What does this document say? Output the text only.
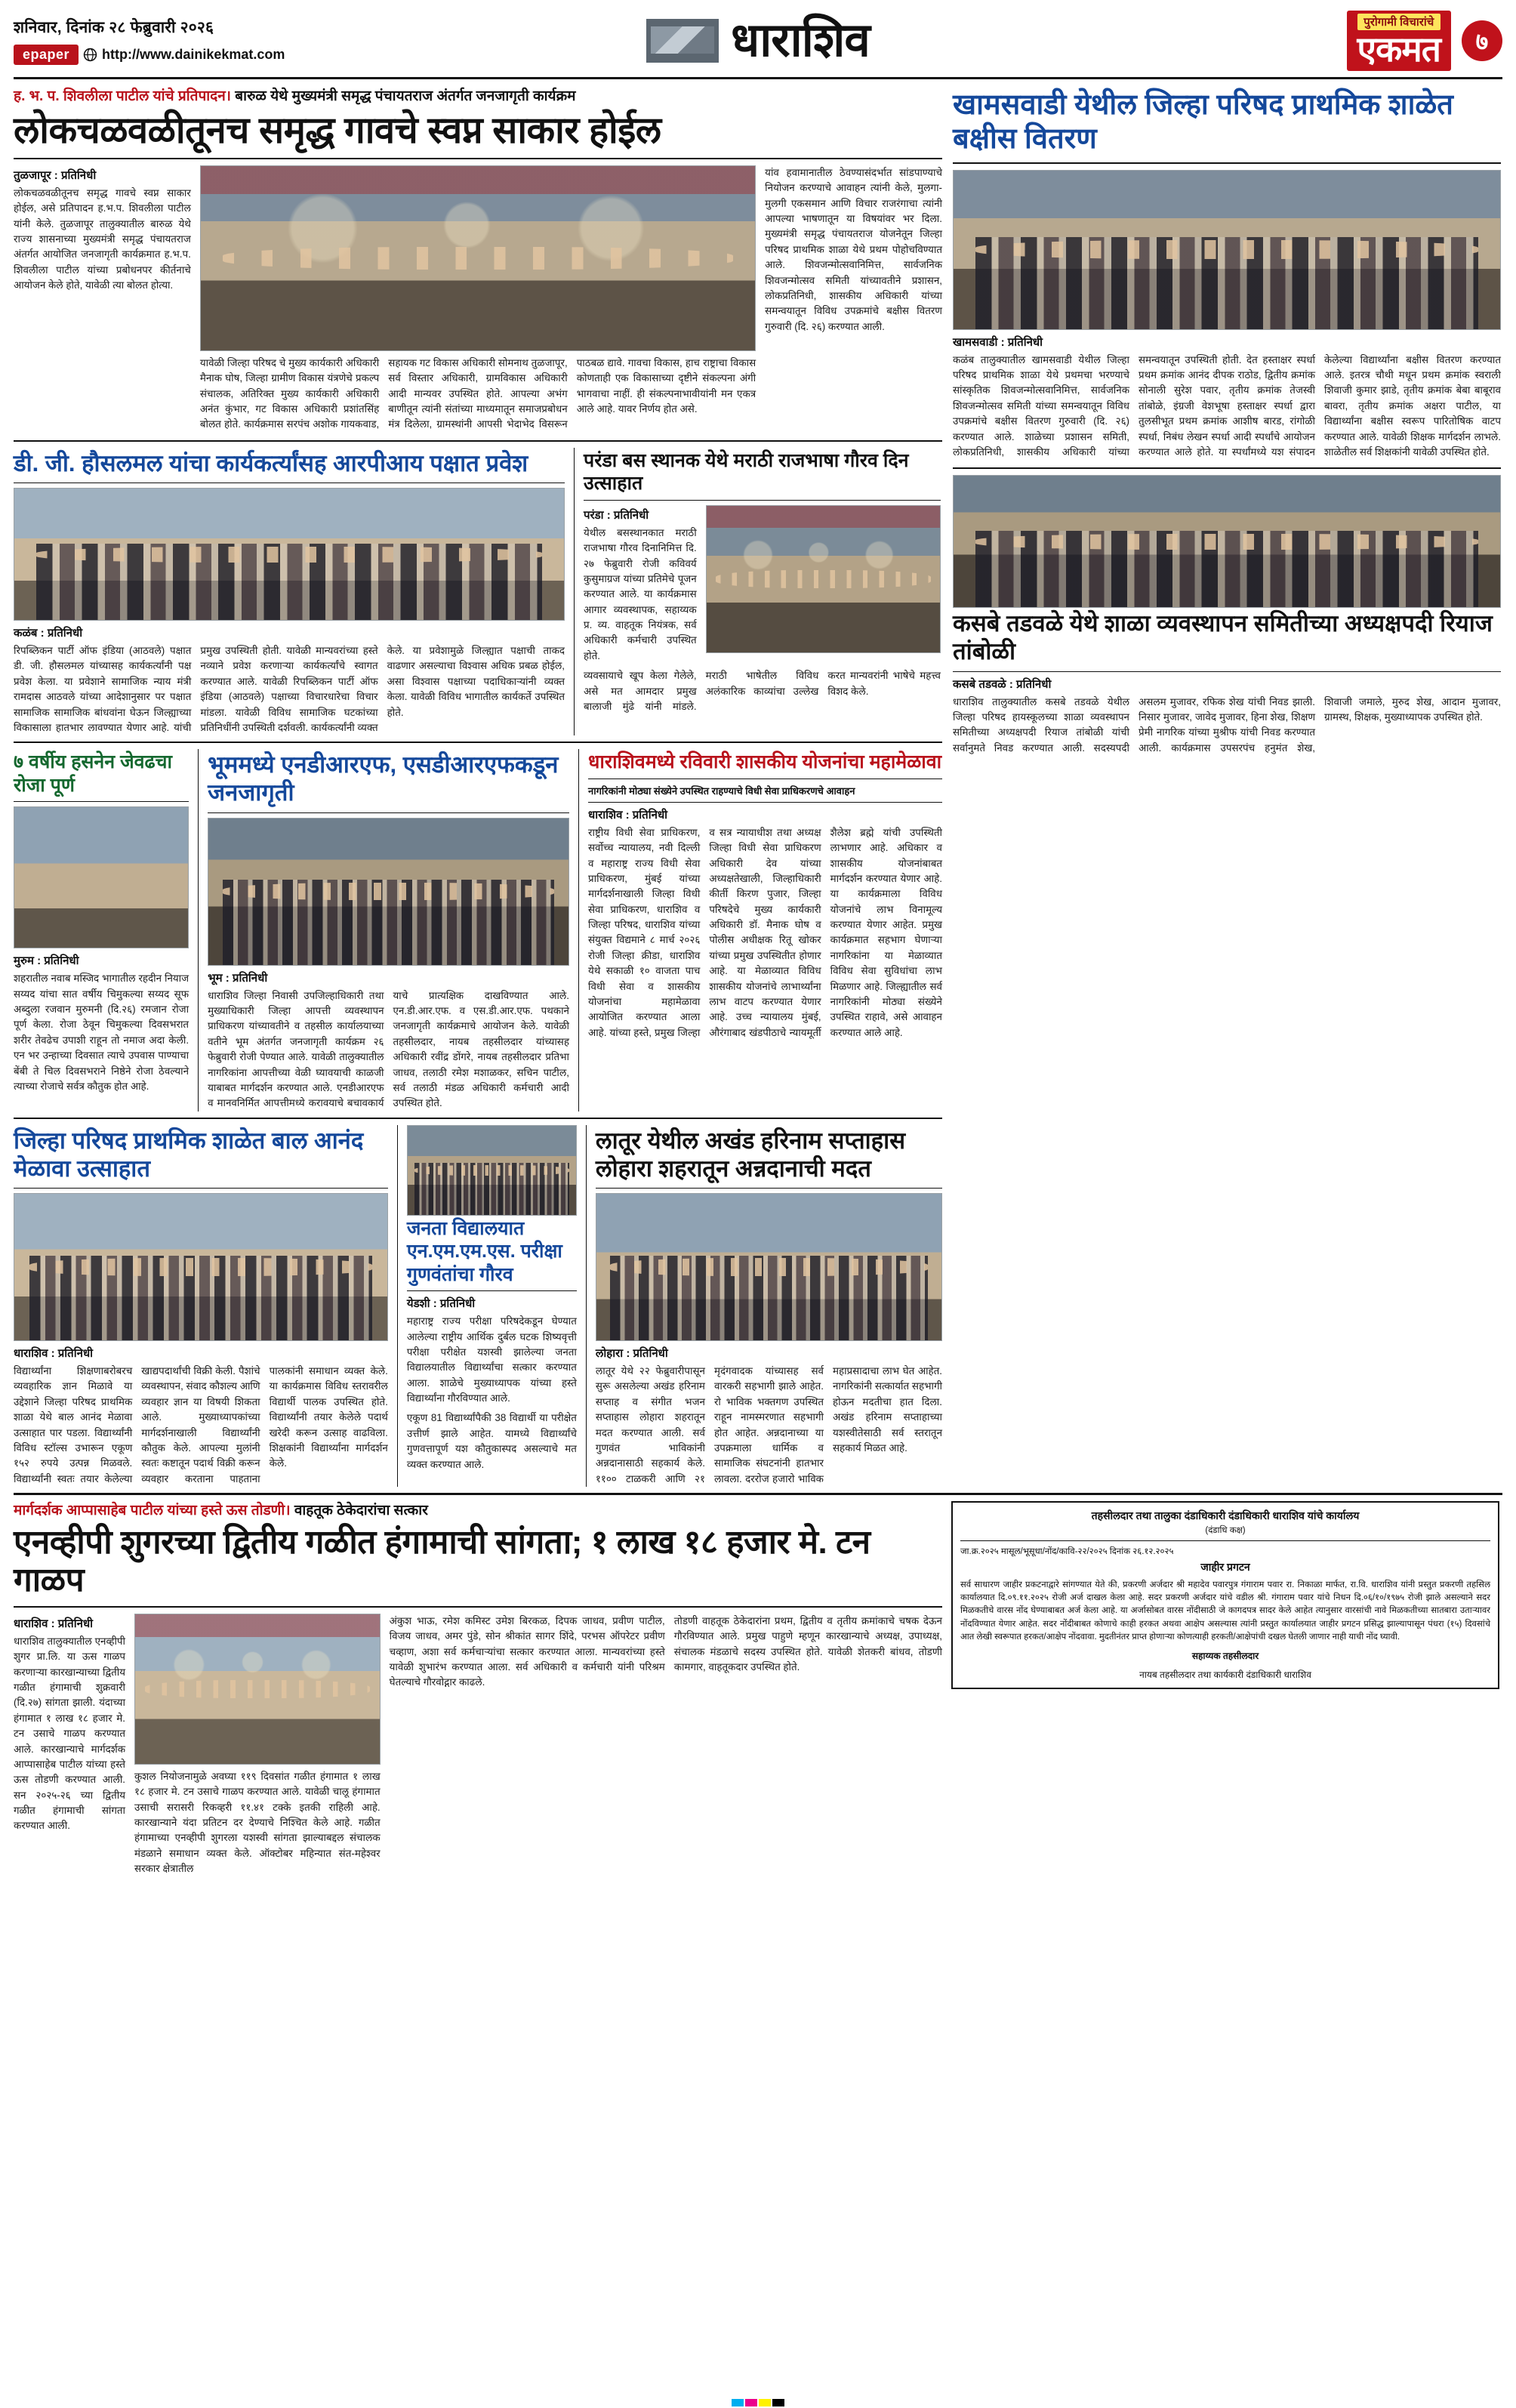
शनिवार, दिनांक २८ फेब्रुवारी २०२६
epaper	http://www.dainikekmat.com	धाराशिव	पुरोगामी विचारांचे
एकमत	७
ह. भ. प. शिवलीला पाटील यांचे प्रतिपादन। बारुळ येथे मुख्यमंत्री समृद्ध पंचायतराज अंतर्गत जनजागृती कार्यक्रम
लोकचळवळीतूनच समृद्ध गावचे स्वप्न साकार होईल
तुळजापूर : प्रतिनिधी
लोकचळवळीतूनच समृद्ध गावचे स्वप्न साकार होईल, असे प्रतिपादन ह.भ.प. शिवलीला पाटील यांनी केले. तुळजापूर तालुक्यातील बारुळ येथे राज्य शासनाच्या मुख्यमंत्री समृद्ध पंचायतराज अंतर्गत आयोजित जनजागृती कार्यक्रमात ह.भ.प. शिवलीला पाटील यांच्या प्रबोधनपर कीर्तनाचे आयोजन केले होते, यावेळी त्या बोलत होत्या.
यावेळी जिल्हा परिषद चे मुख्य कार्यकारी अधिकारी मैनाक घोष, जिल्हा ग्रामीण विकास यंत्रणेचे प्रकल्प संचालक, अतिरिक्त मुख्य कार्यकारी अधिकारी अनंत कुंभार, गट विकास अधिकारी प्रशांतसिंह बोलत होते. कार्यक्रमास सरपंच अशोक गायकवाड, सहायक गट विकास अधिकारी सोमनाथ तुळजापूर, सर्व विस्तार अधिकारी, ग्रामविकास अधिकारी आदी मान्यवर उपस्थित होते. आपल्या अभंग बाणीतून त्यांनी संतांच्या माध्यमातून समाजप्रबोधन मंत्र दिलेला, ग्रामस्थांनी आपसी भेदाभेद विसरून पाठबळ द्यावे. गावचा विकास, हाच राष्ट्राचा विकास कोणताही एक विकासाच्या दृष्टीने संकल्पना अंगी भागवाचा नाहीं. ही संकल्पनाभावीयांनी मन एकत्र आले आहे. यावर निर्णय होत असे.
यांव हवामानातील ठेवण्यासंदर्भात सांडपाण्याचे नियोजन करण्याचे आवाहन त्यांनी केले, मुलगा-मुलगी एकसमान आणि विचार राजरंगाचा त्यांनी आपल्या भाषणातून या विषयांवर भर दिला. मुख्यमंत्री समृद्ध पंचायतराज योजनेतून जिल्हा परिषद प्राथमिक शाळा येथे प्रथम पोहोचविण्यात आले. शिवजन्मोत्सवानिमित्त, सार्वजनिक शिवजन्मोत्सव समिती यांच्यावतीने प्रशासन, लोकप्रतिनिधी, शासकीय अधिकारी यांच्या समन्वयातून विविध उपक्रमांचे बक्षीस वितरण गुरुवारी (दि. २६) करण्यात आली.
डी. जी. हौसलमल यांचा कार्यकर्त्यांसह आरपीआय पक्षात प्रवेश
कळंब : प्रतिनिधी
रिपब्लिकन पार्टी ऑफ इंडिया (आठवले) पक्षात डी. जी. हौसलमल यांच्यासह कार्यकर्त्यांनी पक्ष प्रवेश केला. या प्रवेशाने सामाजिक न्याय मंत्री रामदास आठवले यांच्या आदेशानुसार पर पक्षात सामाजिक सामाजिक बांधवांना घेऊन जिल्ह्याच्या विकासाला हातभार लावण्यात येणार आहे. यांची प्रमुख उपस्थिती होती. यावेळी मान्यवरांच्या हस्ते नव्याने प्रवेश करणाऱ्या कार्यकर्त्यांचे स्वागत करण्यात आले. यावेळी रिपब्लिकन पार्टी ऑफ इंडिया (आठवले) पक्षाच्या विचारधारेचा विचार मांडला. यावेळी विविध सामाजिक घटकांच्या प्रतिनिधींनी उपस्थिती दर्शवली. कार्यकर्त्यांनी व्यक्त केले. या प्रवेशामुळे जिल्ह्यात पक्षाची ताकद वाढणार असल्याचा विश्वास अधिक प्रबळ होईल, असा विश्वास पक्षाच्या पदाधिकाऱ्यांनी व्यक्त केला. यावेळी विविध भागातील कार्यकर्ते उपस्थित होते.
परंडा बस स्थानक येथे मराठी राजभाषा गौरव दिन उत्साहात
परंडा : प्रतिनिधी
येथील बसस्थानकात मराठी राजभाषा गौरव दिनानिमित्त दि. २७ फेब्रुवारी रोजी कविवर्य कुसुमाग्रज यांच्या प्रतिमेचे पूजन करण्यात आले. या कार्यक्रमास आगार व्यवस्थापक, सहाय्यक प्र. व्य. वाहतूक नियंत्रक, सर्व अधिकारी कर्मचारी उपस्थित होते.
व्यवसायाचे खूप केला गेलेले, असे मत आमदार प्रमुख बालाजी मुंढे यांनी मांडले. मराठी भाषेतील विविध अलंकारिक काव्यांचा उल्लेख करत मान्यवरांनी भाषेचे महत्त्व विशद केले.
७ वर्षीय हसनेन जेवढचा रोजा पूर्ण
मुरुम : प्रतिनिधी
शहरातील नवाब मस्जिद भागातील रहदीन नियाज सय्यद यांचा सात वर्षीय चिमुकल्या सय्यद सूफ अब्दुला रजवान मुरुमनी (दि.२६) रमजान रोजा पूर्ण केला. रोजा ठेवून चिमुकल्या दिवसभरात शरीर तेवढेच उपाशी राहून तो नमाज अदा केली. एन भर उन्हाच्या दिवसात त्याचे उपवास पाण्याचा बेंबी ते चिल दिवसभराने निष्ठेने रोजा ठेवल्याने त्याच्या रोजाचे सर्वत्र कौतुक होत आहे.
भूममध्ये एनडीआरएफ, एसडीआरएफकडून जनजागृती
भूम : प्रतिनिधी
धाराशिव जिल्हा निवासी उपजिल्हाधिकारी तथा मुख्याधिकारी जिल्हा आपत्ती व्यवस्थापन प्राधिकरण यांच्यावतीने व तहसील कार्यालयाच्या वतीने भूम अंतर्गत जनजागृती कार्यक्रम २६ फेब्रुवारी रोजी पेण्यात आले. यावेळी तालुक्यातील नागरिकांना आपत्तीच्या वेळी घ्यावयाची काळजी याबाबत मार्गदर्शन करण्यात आले. एनडीआरएफ व मानवनिर्मित आपत्तीमध्ये करावयाचे बचावकार्य याचे प्रात्यक्षिक दाखविण्यात आले. एन.डी.आर.एफ. व एस.डी.आर.एफ. पथकाने जनजागृती कार्यक्रमाचे आयोजन केले. यावेळी तहसीलदार, नायब तहसीलदार यांच्यासह अधिकारी रवींद्र डोंगरे, नायब तहसीलदार प्रतिभा जाधव, तलाठी रमेश मशाळकर, सचिन पाटील, सर्व तलाठी मंडळ अधिकारी कर्मचारी आदी उपस्थित होते.
धाराशिवमध्ये रविवारी शासकीय योजनांचा महामेळावा
नागरिकांनी मोठ्या संख्येने उपस्थित राहण्याचे विधी सेवा प्राधिकरणचे आवाहन
धाराशिव : प्रतिनिधी
राष्ट्रीय विधी सेवा प्राधिकरण, सर्वोच्च न्यायालय, नवी दिल्ली व महाराष्ट्र राज्य विधी सेवा प्राधिकरण, मुंबई यांच्या मार्गदर्शनाखाली जिल्हा विधी सेवा प्राधिकरण, धाराशिव व जिल्हा परिषद, धाराशिव यांच्या संयुक्त विद्यमाने ८ मार्च २०२६ रोजी जिल्हा क्रीडा, धाराशिव येथे सकाळी १० वाजता पाच विधी सेवा व शासकीय योजनांचा महामेळावा आयोजित करण्यात आला आहे. यांच्या हस्ते, प्रमुख जिल्हा व सत्र न्यायाधीश तथा अध्यक्ष जिल्हा विधी सेवा प्राधिकरण अधिकारी देव यांच्या अध्यक्षतेखाली, जिल्हाधिकारी कीर्ती किरण पुजार, जिल्हा परिषदेचे मुख्य कार्यकारी अधिकारी डॉ. मैनाक घोष व पोलीस अधीक्षक रितू खोकर यांच्या प्रमुख उपस्थितीत होणार आहे. या मेळाव्यात विविध शासकीय योजनांचे लाभार्थ्यांना लाभ वाटप करण्यात येणार आहे. उच्च न्यायालय मुंबई, औरंगाबाद खंडपीठाचे न्यायमूर्ती शैलेश ब्रह्मे यांची उपस्थिती लाभणार आहे. अधिकार व शासकीय योजनांबाबत मार्गदर्शन करण्यात येणार आहे. या कार्यक्रमाला विविध योजनांचे लाभ विनामूल्य करण्यात येणार आहेत. प्रमुख कार्यक्रमात सहभाग घेणाऱ्या नागरिकांना या मेळाव्यात विविध सेवा सुविधांचा लाभ मिळणार आहे. जिल्ह्यातील सर्व नागरिकांनी मोठ्या संख्येने उपस्थित राहावे, असे आवाहन करण्यात आले आहे.
जिल्हा परिषद प्राथमिक शाळेत बाल आनंद मेळावा उत्साहात
धाराशिव : प्रतिनिधी
विद्यार्थ्यांना शिक्षणाबरोबरच व्यवहारिक ज्ञान मिळावे या उद्देशाने जिल्हा परिषद प्राथमिक शाळा येथे बाल आनंद मेळावा उत्साहात पार पडला. विद्यार्थ्यांनी विविध स्टॉल्स उभारून एकूण १५२ रुपये उत्पन्न मिळवले. विद्यार्थ्यांनी स्वतः तयार केलेल्या खाद्यपदार्थांची विक्री केली. पैशांचे व्यवस्थापन, संवाद कौशल्य आणि व्यवहार ज्ञान या विषयी शिकता आले. मुख्याध्यापकांच्या मार्गदर्शनाखाली विद्यार्थ्यांनी कौतुक केले. आपल्या मुलांनी स्वतः कष्टातून पदार्थ विक्री करून व्यवहार करताना पाहताना पालकांनी समाधान व्यक्त केले. या कार्यक्रमास विविध स्तरावरील विद्यार्थी पालक उपस्थित होते. विद्यार्थ्यांनी तयार केलेले पदार्थ खरेदी करून उत्साह वाढविला. शिक्षकांनी विद्यार्थ्यांना मार्गदर्शन केले.
जनता विद्यालयात एन.एम.एम.एस. परीक्षा गुणवंतांचा गौरव
येडशी : प्रतिनिधी
महाराष्ट्र राज्य परीक्षा परिषदेकडून घेण्यात आलेल्या राष्ट्रीय आर्थिक दुर्बल घटक शिष्यवृत्ती परीक्षा परीक्षेत यशस्वी झालेल्या जनता विद्यालयातील विद्यार्थ्यांचा सत्कार करण्यात आला. शाळेचे मुख्याध्यापक यांच्या हस्ते विद्यार्थ्यांना गौरविण्यात आले.
एकूण 81 विद्यार्थ्यांपैकी 38 विद्यार्थी या परीक्षेत उत्तीर्ण झाले आहेत. यामध्ये विद्यार्थ्यांचे गुणवत्तापूर्ण यश कौतुकास्पद असल्याचे मत व्यक्त करण्यात आले.
लातूर येथील अखंड हरिनाम सप्ताहास लोहारा शहरातून अन्नदानाची मदत
लोहारा : प्रतिनिधी
लातूर येथे २२ फेब्रुवारीपासून सुरू असलेल्या अखंड हरिनाम सप्ताह व संगीत भजन सप्ताहास लोहारा शहरातून मदत करण्यात आली. सर्व गुणवंत भाविकांनी अन्नदानासाठी सहकार्य केले. ११०० टाळकरी आणि २१ मृदंगवादक यांच्यासह सर्व वारकरी सहभागी झाले आहेत. रो भाविक भक्तगण उपस्थित राहून नामस्मरणात सहभागी होत आहेत. अन्नदानाच्या या उपक्रमाला धार्मिक व सामाजिक संघटनांनी हातभार लावला. दररोज हजारो भाविक महाप्रसादाचा लाभ घेत आहेत. नागरिकांनी सत्कार्यात सहभागी होऊन मदतीचा हात दिला. अखंड हरिनाम सप्ताहाच्या यशस्वीतेसाठी सर्व स्तरातून सहकार्य मिळत आहे.
खामसवाडी येथील जिल्हा परिषद प्राथमिक शाळेत बक्षीस वितरण
खामसवाडी : प्रतिनिधी
कळंब तालुक्यातील खामसवाडी येथील जिल्हा परिषद प्राथमिक शाळा येथे प्रथमचा भरण्याचे सांस्कृतिक शिवजन्मोत्सवानिमित्त, सार्वजनिक शिवजन्मोत्सव समिती यांच्या समन्वयातून विविध उपक्रमांचे बक्षीस वितरण गुरुवारी (दि. २६) करण्यात आले. शाळेच्या प्रशासन समिती, लोकप्रतिनिधी, शासकीय अधिकारी यांच्या समन्वयातून उपस्थिती होती. देत हस्ताक्षर स्पर्धा प्रथम क्रमांक आनंद दीपक राठोड, द्वितीय क्रमांक सोनाली सुरेश पवार, तृतीय क्रमांक तेजस्वी तांबोळे, इंग्रजी वेशभूषा हस्ताक्षर स्पर्धा द्वारा तुलसीभूत प्रथम क्रमांक आशीष बारड, रांगोळी स्पर्धा, निबंध लेखन स्पर्धा आदी स्पर्धांचे आयोजन करण्यात आले होते. या स्पर्धांमध्ये यश संपादन केलेल्या विद्यार्थ्यांना बक्षीस वितरण करण्यात आले. इतरत्र चौथी मधून प्रथम क्रमांक स्वराली शिवाजी कुमार झाडे, तृतीय क्रमांक बेबा बाबूराव बावरा, तृतीय क्रमांक अक्षरा पाटील, या विद्यार्थ्यांना बक्षीस स्वरूप पारितोषिक वाटप करण्यात आले. यावेळी शिक्षक मार्गदर्शन लाभले. शाळेतील सर्व शिक्षकांनी यावेळी उपस्थित होते.
कसबे तडवळे येथे शाळा व्यवस्थापन समितीच्या अध्यक्षपदी रियाज तांबोळी
कसबे तडवळे : प्रतिनिधी
धाराशिव तालुक्यातील कसबे तडवळे येथील जिल्हा परिषद हायस्कूलच्या शाळा व्यवस्थापन समितीच्या अध्यक्षपदी रियाज तांबोळी यांची सर्वानुमते निवड करण्यात आली. सदस्यपदी असलम मुजावर, रफिक शेख यांची निवड झाली. निसार मुजावर, जावेद मुजावर, हिना शेख, शिक्षण प्रेमी नागरिक यांच्या मुश्रीफ यांची निवड करण्यात आली. कार्यक्रमास उपसरपंच हनुमंत शेख, शिवाजी जमाले, मुरुद शेख, आदान मुजावर, ग्रामस्थ, शिक्षक, मुख्याध्यापक उपस्थित होते.
मार्गदर्शक आप्पासाहेब पाटील यांच्या हस्ते ऊस तोडणी। वाहतूक ठेकेदारांचा सत्कार
एनव्हीपी शुगरच्या द्वितीय गळीत हंगामाची सांगता; १ लाख १८ हजार मे. टन गाळप
धाराशिव : प्रतिनिधी
धाराशिव तालुक्यातील एनव्हीपी शुगर प्रा.लि. या ऊस गाळप करणाऱ्या कारखान्याच्या द्वितीय गळीत हंगामाची शुक्रवारी (दि.२७) सांगता झाली. यंदाच्या हंगामात १ लाख १८ हजार मे. टन उसाचे गाळप करण्यात आले. कारखान्याचे मार्गदर्शक आप्पासाहेब पाटील यांच्या हस्ते ऊस तोडणी करण्यात आली. सन २०२५-२६ च्या द्वितीय गळीत हंगामाची सांगता करण्यात आली.
कुशल नियोजनामुळे अवघ्या ११९ दिवसांत गळीत हंगामात १ लाख १८ हजार मे. टन उसाचे गाळप करण्यात आले. यावेळी चालू हंगामात उसाची सरासरी रिकव्हरी ११.४१ टक्के इतकी राहिली आहे. कारखान्याने यंदा प्रतिटन दर देण्याचे निश्चित केले आहे. गळीत हंगामाच्या एनव्हीपी शुगरला यशस्वी सांगता झाल्याबद्दल संचालक मंडळाने समाधान व्यक्त केले. ऑक्टोबर महिन्यात संत-महेश्वर सरकार क्षेत्रातील
अंकुश भाऊ, रमेश कमिस्ट उमेश बिरकळ, दिपक जाधव, प्रवीण पाटील, विजय जाधव, अमर पुंडे, सोन श्रीकांत सागर शिंदे, परभस ऑपरेटर प्रवीण चव्हाण, अशा सर्व कर्मचाऱ्यांचा सत्कार करण्यात आला. मान्यवरांच्या हस्ते यावेळी शुभारंभ करण्यात आला. सर्व अधिकारी व कर्मचारी यांनी परिश्रम घेतल्याचे गौरवोद्गार काढले.
तोडणी वाहतूक ठेकेदारांना प्रथम, द्वितीय व तृतीय क्रमांकाचे चषक देऊन गौरविण्यात आले. प्रमुख पाहुणे म्हणून कारखान्याचे अध्यक्ष, उपाध्यक्ष, संचालक मंडळाचे सदस्य उपस्थित होते. यावेळी शेतकरी बांधव, तोडणी कामगार, वाहतूकदार उपस्थित होते.
तहसीलदार तथा तालुका दंडाधिकारी दंडाधिकारी धाराशिव यांचे कार्यालय
(दंडाधि कक्ष)
जा.क्र.२०२५ मासूल/भूसूधा/नोंद/कावि-२२/२०२५ दिनांक २६.१२.२०२५
जाहीर प्रगटन
सर्व साधारण जाहीर प्रकटनाद्वारे सांगण्यात येते की, प्रकरणी अर्जदार श्री महादेव पवारपुत्र गंगाराम पवार रा. निकाळा मार्फत, रा.वि. धाराशिव यांनी प्रस्तुत प्रकरणी तहसिल कार्यालयात दि.०९.११.२०२५ रोजी अर्ज दाखल केला आहे. सदर प्रकरणी अर्जदार यांचे वडील श्री. गंगाराम पवार यांचे निधन दि.०६/१०/१९७५ रोजी झाले असल्याने सदर मिळकतीचे वारस नोंद घेण्याबाबत अर्ज केला आहे. या अर्जासोबत वारस नोंदीसाठी जे कागदपत्र सादर केले आहेत त्यानुसार वारसांची नावे मिळकतीच्या सातबारा उताऱ्यावर नोंदविण्यात येणार आहेत. सदर नोंदीबाबत कोणाचे काही हरकत अथवा आक्षेप असल्यास त्यांनी प्रस्तुत कार्यालयात जाहीर प्रगटन प्रसिद्ध झाल्यापासून पंधरा (१५) दिवसांचे आत लेखी स्वरूपात हरकत/आक्षेप नोंदवावा. मुदतीनंतर प्राप्त होणाऱ्या कोणत्याही हरकती/आक्षेपांची दखल घेतली जाणार नाही याची नोंद घ्यावी.
सहाय्यक तहसीलदार
नायब तहसीलदार तथा कार्यकारी दंडाधिकारी धाराशिव
